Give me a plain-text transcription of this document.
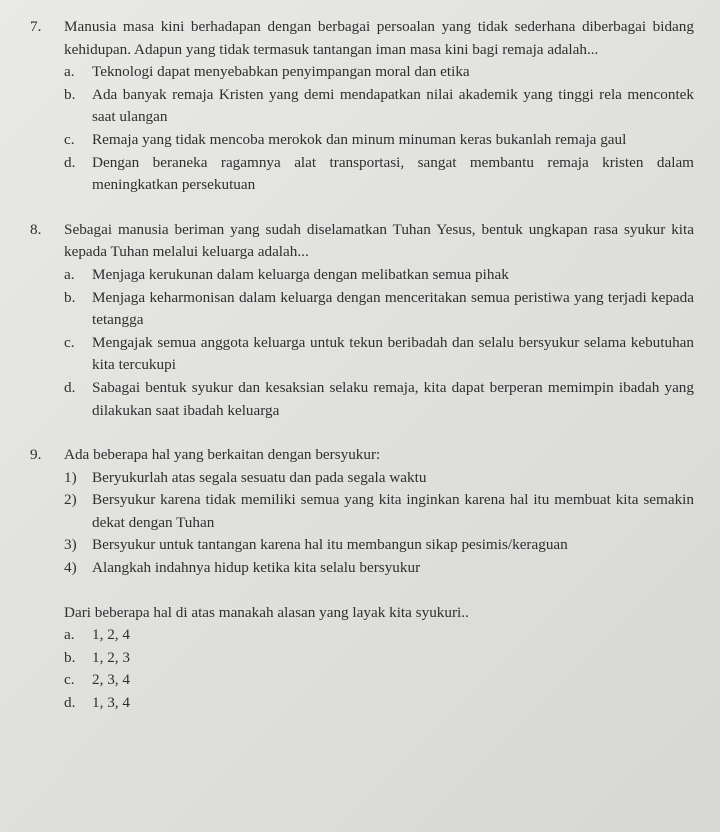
7. Manusia masa kini berhadapan dengan berbagai persoalan yang tidak sederhana diberbagai bidang kehidupan. Adapun yang tidak termasuk tantangan iman masa kini bagi remaja adalah...

a. Teknologi dapat menyebabkan penyimpangan moral dan etika
b. Ada banyak remaja Kristen yang demi mendapatkan nilai akademik yang tinggi rela mencontek saat ulangan
c. Remaja yang tidak mencoba merokok dan minum minuman keras bukanlah remaja gaul
d. Dengan beraneka ragamnya alat transportasi, sangat membantu remaja kristen dalam meningkatkan persekutuan
8. Sebagai manusia beriman yang sudah diselamatkan Tuhan Yesus, bentuk ungkapan rasa syukur kita kepada Tuhan melalui keluarga adalah...

a. Menjaga kerukunan dalam keluarga dengan melibatkan semua pihak
b. Menjaga keharmonisan dalam keluarga dengan menceritakan semua peristiwa yang terjadi kepada tetangga
c. Mengajak semua anggota keluarga untuk tekun beribadah dan selalu bersyukur selama kebutuhan kita tercukupi
d. Sabagai bentuk syukur dan kesaksian selaku remaja, kita dapat berperan memimpin ibadah yang dilakukan saat ibadah keluarga
9. Ada beberapa hal yang berkaitan dengan bersyukur:

1) Beryukurlah atas segala sesuatu dan pada segala waktu
2) Bersyukur karena tidak memiliki semua yang kita inginkan karena hal itu membuat kita semakin dekat dengan Tuhan
3) Bersyukur untuk tantangan karena hal itu membangun sikap pesimis/keraguan
4) Alangkah indahnya hidup ketika kita selalu bersyukur

Dari beberapa hal di atas manakah alasan yang layak kita syukuri..

a. 1, 2, 4
b. 1, 2, 3
c. 2, 3, 4
d. 1, 3, 4
